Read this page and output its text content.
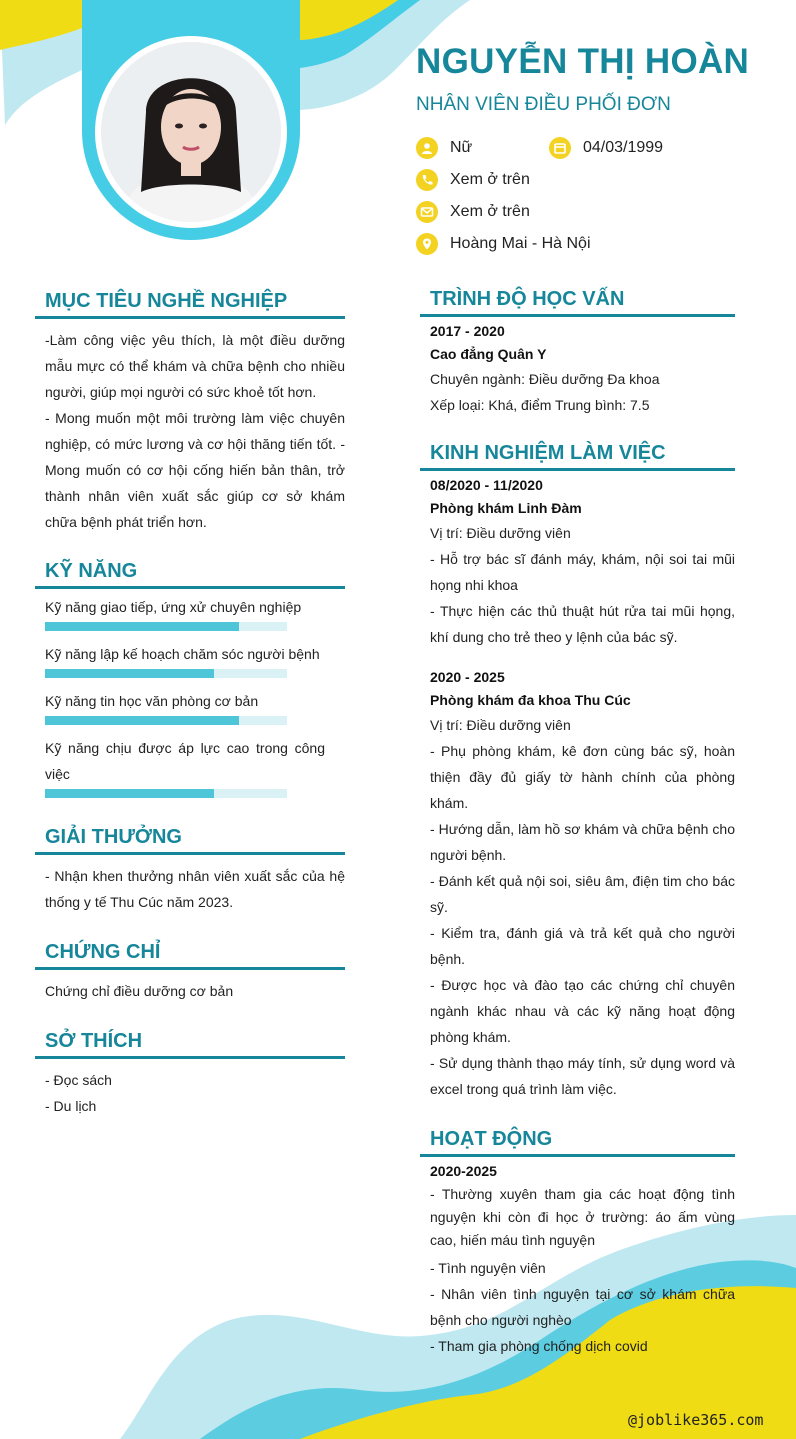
NGUYỄN THỊ HOÀN
NHÂN VIÊN ĐIỀU PHỐI ĐƠN
Nữ	04/03/1999
Xem ở trên
Xem ở trên
Hoàng Mai - Hà Nội
MỤC TIÊU NGHỀ NGHIỆP
-Làm công việc yêu thích, là một điều dưỡng mẫu mực có thể khám và chữa bệnh cho nhiều người, giúp mọi người có sức khoẻ tốt hơn.
- Mong muốn một môi trường làm việc chuyên nghiệp, có mức lương và cơ hội thăng tiến tốt. - Mong muốn có cơ hội cống hiến bản thân, trở thành nhân viên xuất sắc giúp cơ sở khám chữa bệnh phát triển hơn.
KỸ NĂNG
Kỹ năng giao tiếp, ứng xử chuyên nghiệp
Kỹ năng lập kế hoạch chăm sóc người bệnh
Kỹ năng tin học văn phòng cơ bản
Kỹ năng chịu được áp lực cao trong công việc
GIẢI THƯỞNG
- Nhận khen thưởng nhân viên xuất sắc của hệ thống y tế Thu Cúc năm 2023.
CHỨNG CHỈ
Chứng chỉ điều dưỡng cơ bản
SỞ THÍCH
- Đọc sách
- Du lịch
TRÌNH ĐỘ HỌC VẤN
2017 - 2020
Cao đẳng Quân Y
Chuyên ngành: Điều dưỡng Đa khoa
Xếp loại: Khá, điểm Trung bình: 7.5
KINH NGHIỆM LÀM VIỆC
08/2020 - 11/2020
Phòng khám Linh Đàm
Vị trí: Điều dưỡng viên
- Hỗ trợ bác sĩ đánh máy, khám, nội soi tai mũi họng nhi khoa
- Thực hiện các thủ thuật hút rửa tai mũi họng, khí dung cho trẻ theo y lệnh của bác sỹ.
2020 - 2025
Phòng khám đa khoa Thu Cúc
Vị trí: Điều dưỡng viên
- Phụ phòng khám, kê đơn cùng bác sỹ, hoàn thiện đầy đủ giấy tờ hành chính của phòng khám.
- Hướng dẫn, làm hồ sơ khám và chữa bệnh cho người bệnh.
- Đánh kết quả nội soi, siêu âm, điện tim cho bác sỹ.
- Kiểm tra, đánh giá và trả kết quả cho người bệnh.
- Được học và đào tạo các chứng chỉ chuyên ngành khác nhau và các kỹ năng hoạt động phòng khám.
- Sử dụng thành thạo máy tính, sử dụng word và excel trong quá trình làm việc.
HOẠT ĐỘNG
2020-2025
- Thường xuyên tham gia các hoạt động tình nguyện khi còn đi học ở trường: áo ấm vùng cao, hiến máu tình nguyện
- Tình nguyện viên
- Nhân viên tình nguyện tại cơ sở khám chữa bệnh cho người nghèo
- Tham gia phòng chống dịch covid
@joblike365.com
